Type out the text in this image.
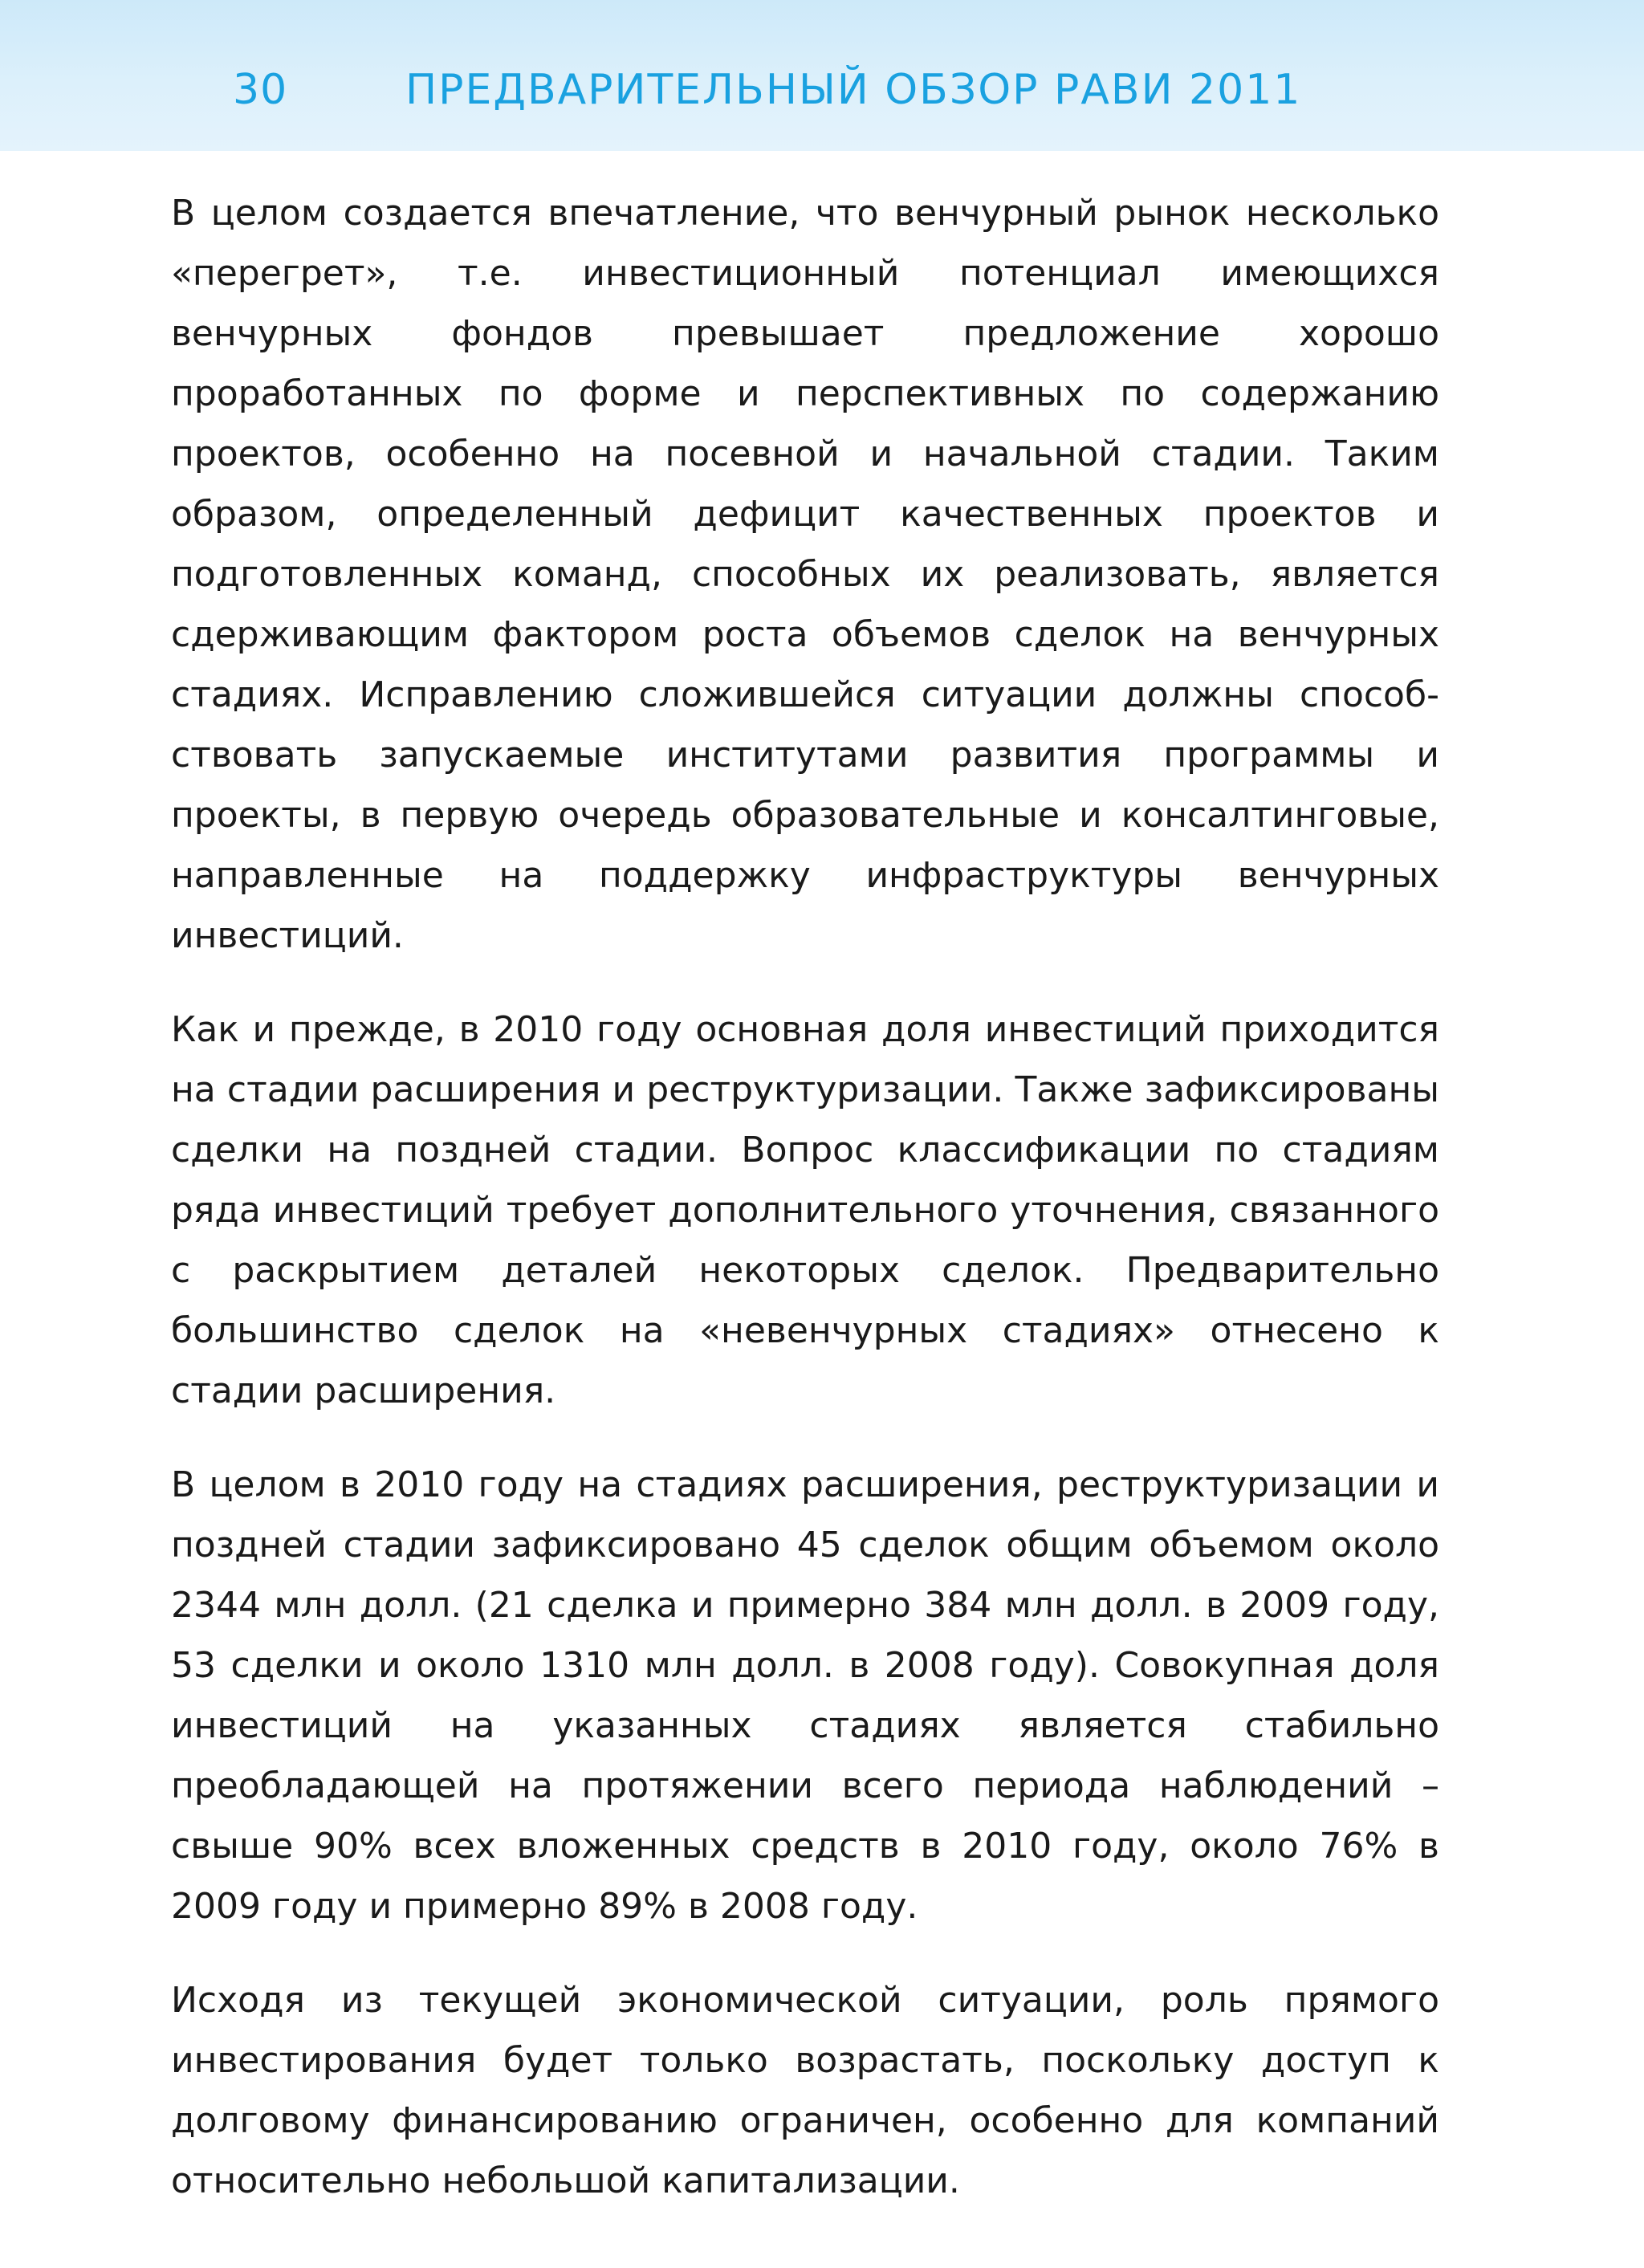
30	ПРЕДВАРИТЕЛЬНЫЙ ОБЗОР РАВИ 2011

В целом создается впечатление, что венчурный рынок несколько «перегрет», т.е. инвестиционный потенциал имеющихся венчурных фондов превышает предложение хорошо проработанных по форме и перспективных по содержанию проектов, особенно на посевной и начальной стадии. Таким образом, определенный дефицит качественных проектов и подготовленных команд, способных их реализовать, является сдерживающим фактором роста объемов сделок на венчурных стадиях. Исправлению сложившейся ситуации должны способствовать запускаемые институтами развития программы и проекты, в первую очередь образовательные и консалтинговые, направленные на поддержку инфраструктуры венчурных инвестиций.

Как и прежде, в 2010 году основная доля инвестиций приходится на стадии расширения и реструктуризации. Также зафиксированы сделки на поздней стадии. Вопрос классификации по стадиям ряда инвестиций требует дополнительного уточнения, связанного с раскрытием деталей некоторых сделок. Предварительно большинство сделок на «невенчурных стадиях» отнесено к стадии расширения.

В целом в 2010 году на стадиях расширения, реструктуризации и поздней стадии зафиксировано 45 сделок общим объемом около 2344 млн долл. (21 сделка и примерно 384 млн долл. в 2009 году, 53 сделки и около 1310 млн долл. в 2008 году). Совокупная доля инвестиций на указанных стадиях является стабильно преобладающей на протяжении всего периода наблюдений – свыше 90% всех вложенных средств в 2010 году, около 76% в 2009 году и примерно 89% в 2008 году.

Исходя из текущей экономической ситуации, роль прямого инвестирования будет только возрастать, поскольку доступ к долговому финансированию ограничен, особенно для компаний относительно небольшой капитализации.
